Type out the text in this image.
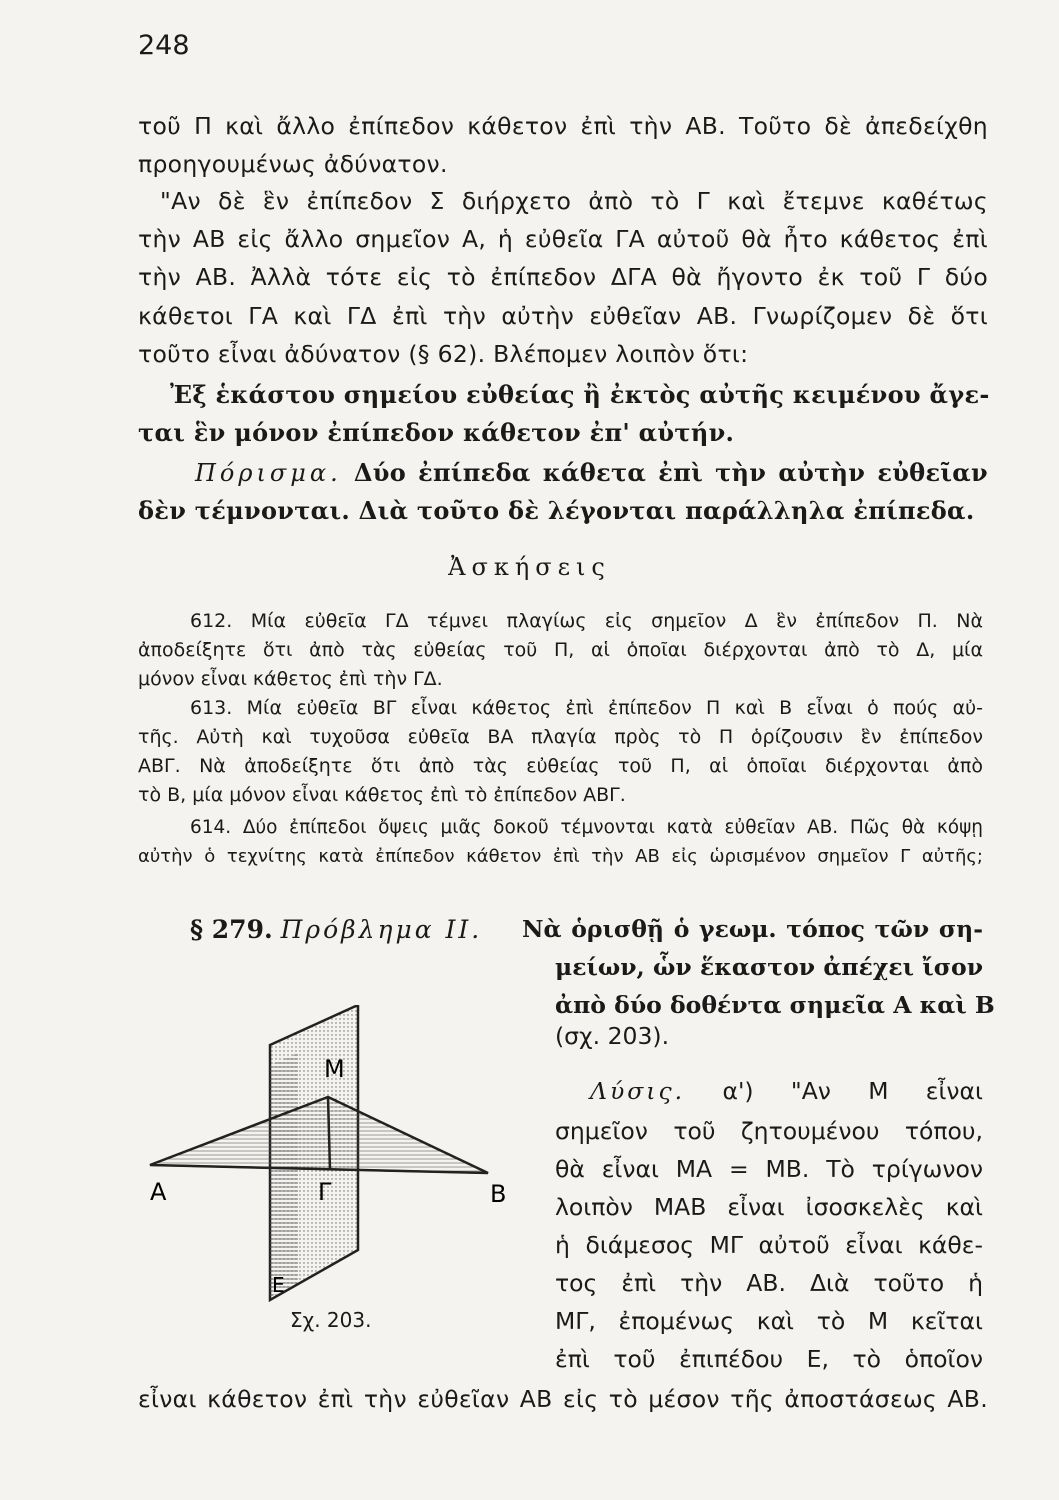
248
τοῦ Π καὶ ἄλλο ἐπίπεδον κάθετον ἐπὶ τὴν ΑΒ. Τοῦτο δὲ ἀπεδείχθη
προηγουμένως ἀδύνατον.
"Αν δὲ ἓν ἐπίπεδον Σ διήρχετο ἀπὸ τὸ Γ καὶ ἔτεμνε καθέτως
τὴν ΑΒ εἰς ἄλλο σημεῖον Α, ἡ εὐθεῖα ΓΑ αὐτοῦ θὰ ἦτο κάθετος ἐπὶ
τὴν ΑΒ. Ἀλλὰ τότε εἰς τὸ ἐπίπεδον ΔΓΑ θὰ ἤγοντο ἐκ τοῦ Γ δύο
κάθετοι ΓΑ καὶ ΓΔ ἐπὶ τὴν αὐτὴν εὐθεῖαν ΑΒ. Γνωρίζομεν δὲ ὅτι
τοῦτο εἶναι ἀδύνατον (§ 62). Βλέπομεν λοιπὸν ὅτι:
Ἐξ ἑκάστου σημείου εὐθείας ἢ ἐκτὸς αὐτῆς κειμένου ἄγε-
ται ἓν μόνον ἐπίπεδον κάθετον ἐπ' αὐτήν.
Πόρισμα. Δύο ἐπίπεδα κάθετα ἐπὶ τὴν αὐτὴν εὐθεῖαν
δὲν τέμνονται. Διὰ τοῦτο δὲ λέγονται παράλληλα ἐπίπεδα.
Ἀσκήσεις
612. Μία εὐθεῖα ΓΔ τέμνει πλαγίως εἰς σημεῖον Δ ἓν ἐπίπεδον Π. Νὰ
ἀποδείξητε ὅτι ἀπὸ τὰς εὐθείας τοῦ Π, αἱ ὁποῖαι διέρχονται ἀπὸ τὸ Δ, μία
μόνον εἶναι κάθετος ἐπὶ τὴν ΓΔ.
613. Μία εὐθεῖα ΒΓ εἶναι κάθετος ἐπὶ ἐπίπεδον Π καὶ Β εἶναι ὁ πούς αὐ-
τῆς. Αὐτὴ καὶ τυχοῦσα εὐθεῖα ΒΑ πλαγία πρὸς τὸ Π ὁρίζουσιν ἓν ἐπίπεδον
ΑΒΓ. Νὰ ἀποδείξητε ὅτι ἀπὸ τὰς εὐθείας τοῦ Π, αἱ ὁποῖαι διέρχονται ἀπὸ
τὸ Β, μία μόνον εἶναι κάθετος ἐπὶ τὸ ἐπίπεδον ΑΒΓ.
614. Δύο ἐπίπεδοι ὄψεις μιᾶς δοκοῦ τέμνονται κατὰ εὐθεῖαν ΑΒ. Πῶς θὰ κόψῃ
αὐτὴν ὁ τεχνίτης κατὰ ἐπίπεδον κάθετον ἐπὶ τὴν ΑΒ εἰς ὡρισμένον σημεῖον Γ αὐτῆς;
§ 279. Πρόβλημα ΙΙ. Νὰ ὁρισθῇ ὁ γεωμ. τόπος τῶν ση-
μείων, ὧν ἕκαστον ἀπέχει ἴσον
ἀπὸ δύο δοθέντα σημεῖα Α καὶ Β
(σχ. 203).
Λύσις. α') "Αν Μ εἶναι
σημεῖον τοῦ ζητουμένου τόπου,
θὰ εἶναι ΜΑ = ΜΒ. Τὸ τρίγωνον
λοιπὸν ΜΑΒ εἶναι ἰσοσκελὲς καὶ
ἡ διάμεσος ΜΓ αὐτοῦ εἶναι κάθε-
τος ἐπὶ τὴν ΑΒ. Διὰ τοῦτο ἡ
ΜΓ, ἐπομένως καὶ τὸ Μ κεῖται
ἐπὶ τοῦ ἐπιπέδου Ε, τὸ ὁποῖον
εἶναι κάθετον ἐπὶ τὴν εὐθεῖαν ΑΒ εἰς τὸ μέσον τῆς ἀποστάσεως ΑΒ.
Μ
Α	Β
Γ
Ε
Σχ. 203.
